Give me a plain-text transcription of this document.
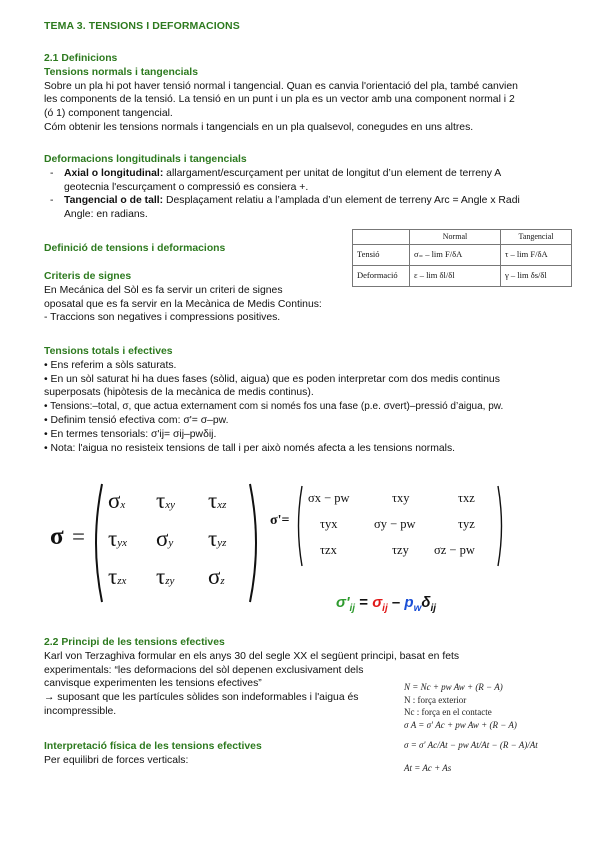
TEMA 3. TENSIONS I DEFORMACIONS
2.1 Definicions
Tensions normals i tangencials
Sobre un pla hi pot haver tensió normal i tangencial. Quan es canvia l'orientació del pla, també canvien
les components de la tensió. La tensió en un punt i un pla es un vector amb una component normal i 2
(ó 1) component tangencial.
Cóm obtenir les tensions normals i tangencials en un pla qualsevol, conegudes en uns altres.
Deformacions longitudinals i tangencials
- Axial o longitudinal: allargament/escurçament per unitat de longitut d’un element de terreny A
geotecnia l'escurçament o compressió es consiera +.
- Tangencial o de tall: Desplaçament relatiu a l’amplada d’un element de terreny Arc = Angle x Radi
Angle: en radians.
Definició de tensions i deformacions
	Normal	Tangencial
Tensió	σ₌ – lim F/δA	τ – lim F/δA
Deformació	ε – lim δl/δl	γ – lim δs/δl
Criteris de signes
En Mecánica del Sòl es fa servir un criteri de signes
oposatal que es fa servir en la Mecànica de Medis Continus:
- Traccions son negatives i compressions positives.
Tensions totals i efectives
• Ens referim a sòls saturats.
• En un sòl saturat hi ha dues fases (sòlid, aigua) que es poden interpretar com dos medis continus
superposats (hipòtesis de la mecànica de medis continus).
• Tensions:–total, σ, que actua externament com si només fos una fase (p.e. σvert)–pressió d’aigua, pw.
• Definim tensió efectiva com: σ'= σ–pw.
• En termes tensorials: σ'ij= σij–pwδij.
• Nota: l'aigua no resisteix tensions de tall i per això només afecta a les tensions normals.
σ =
σx τxy τxz
τyx σy τyz
τzx τzy σz
σ'=
σx − pw	τxy	τxz
τyx	σy − pw	τyz
τzx	τzy σz − pw
$\sigma'_{ij} = \sigma_{ij} - p_w\delta_{ij}$
2.2 Principi de les tensions efectives
Karl von Terzaghiva formular en els anys 30 del segle XX el següent principi, basat en fets
experimentals: “les deformacions del sòl depenen exclusivament dels
canvisque experimenten les tensions efectives”
→ suposant que les partícules sòlides son indeformables i l'aigua és
incompressible.
Interpretació física de les tensions efectives
Per equilibri de forces verticals:
N = Nc + pw Aw + (R − A)
N : força exterior
Nc : força en el contacte
σ A = σ' Ac + pw Aw + (R − A)
σ = σ' Ac/At − pw At/At − (R − A)/At
At = Ac + As
